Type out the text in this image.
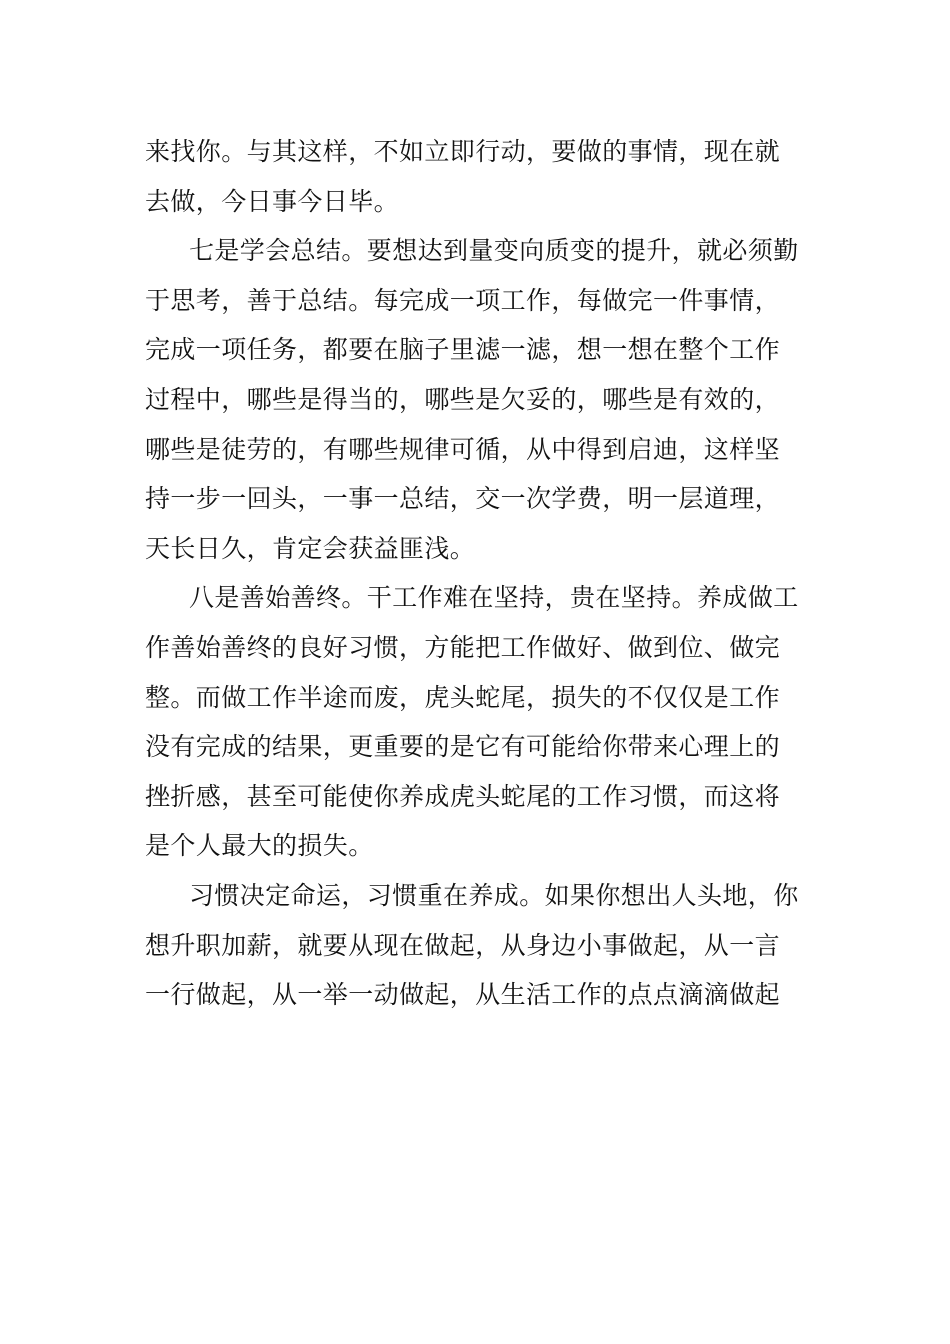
来找你。与其这样，不如立即行动，要做的事情，现在就
去做，今日事今日毕。
七是学会总结。要想达到量变向质变的提升，就必须勤
于思考，善于总结。每完成一项工作，每做完一件事情，
完成一项任务，都要在脑子里滤一滤，想一想在整个工作
过程中，哪些是得当的，哪些是欠妥的，哪些是有效的，
哪些是徒劳的，有哪些规律可循，从中得到启迪，这样坚
持一步一回头，一事一总结，交一次学费，明一层道理，
天长日久，肯定会获益匪浅。
八是善始善终。干工作难在坚持，贵在坚持。养成做工
作善始善终的良好习惯，方能把工作做好、做到位、做完
整。而做工作半途而废，虎头蛇尾，损失的不仅仅是工作
没有完成的结果，更重要的是它有可能给你带来心理上的
挫折感，甚至可能使你养成虎头蛇尾的工作习惯，而这将
是个人最大的损失。
习惯决定命运，习惯重在养成。如果你想出人头地，你
想升职加薪，就要从现在做起，从身边小事做起，从一言
一行做起，从一举一动做起，从生活工作的点点滴滴做起
